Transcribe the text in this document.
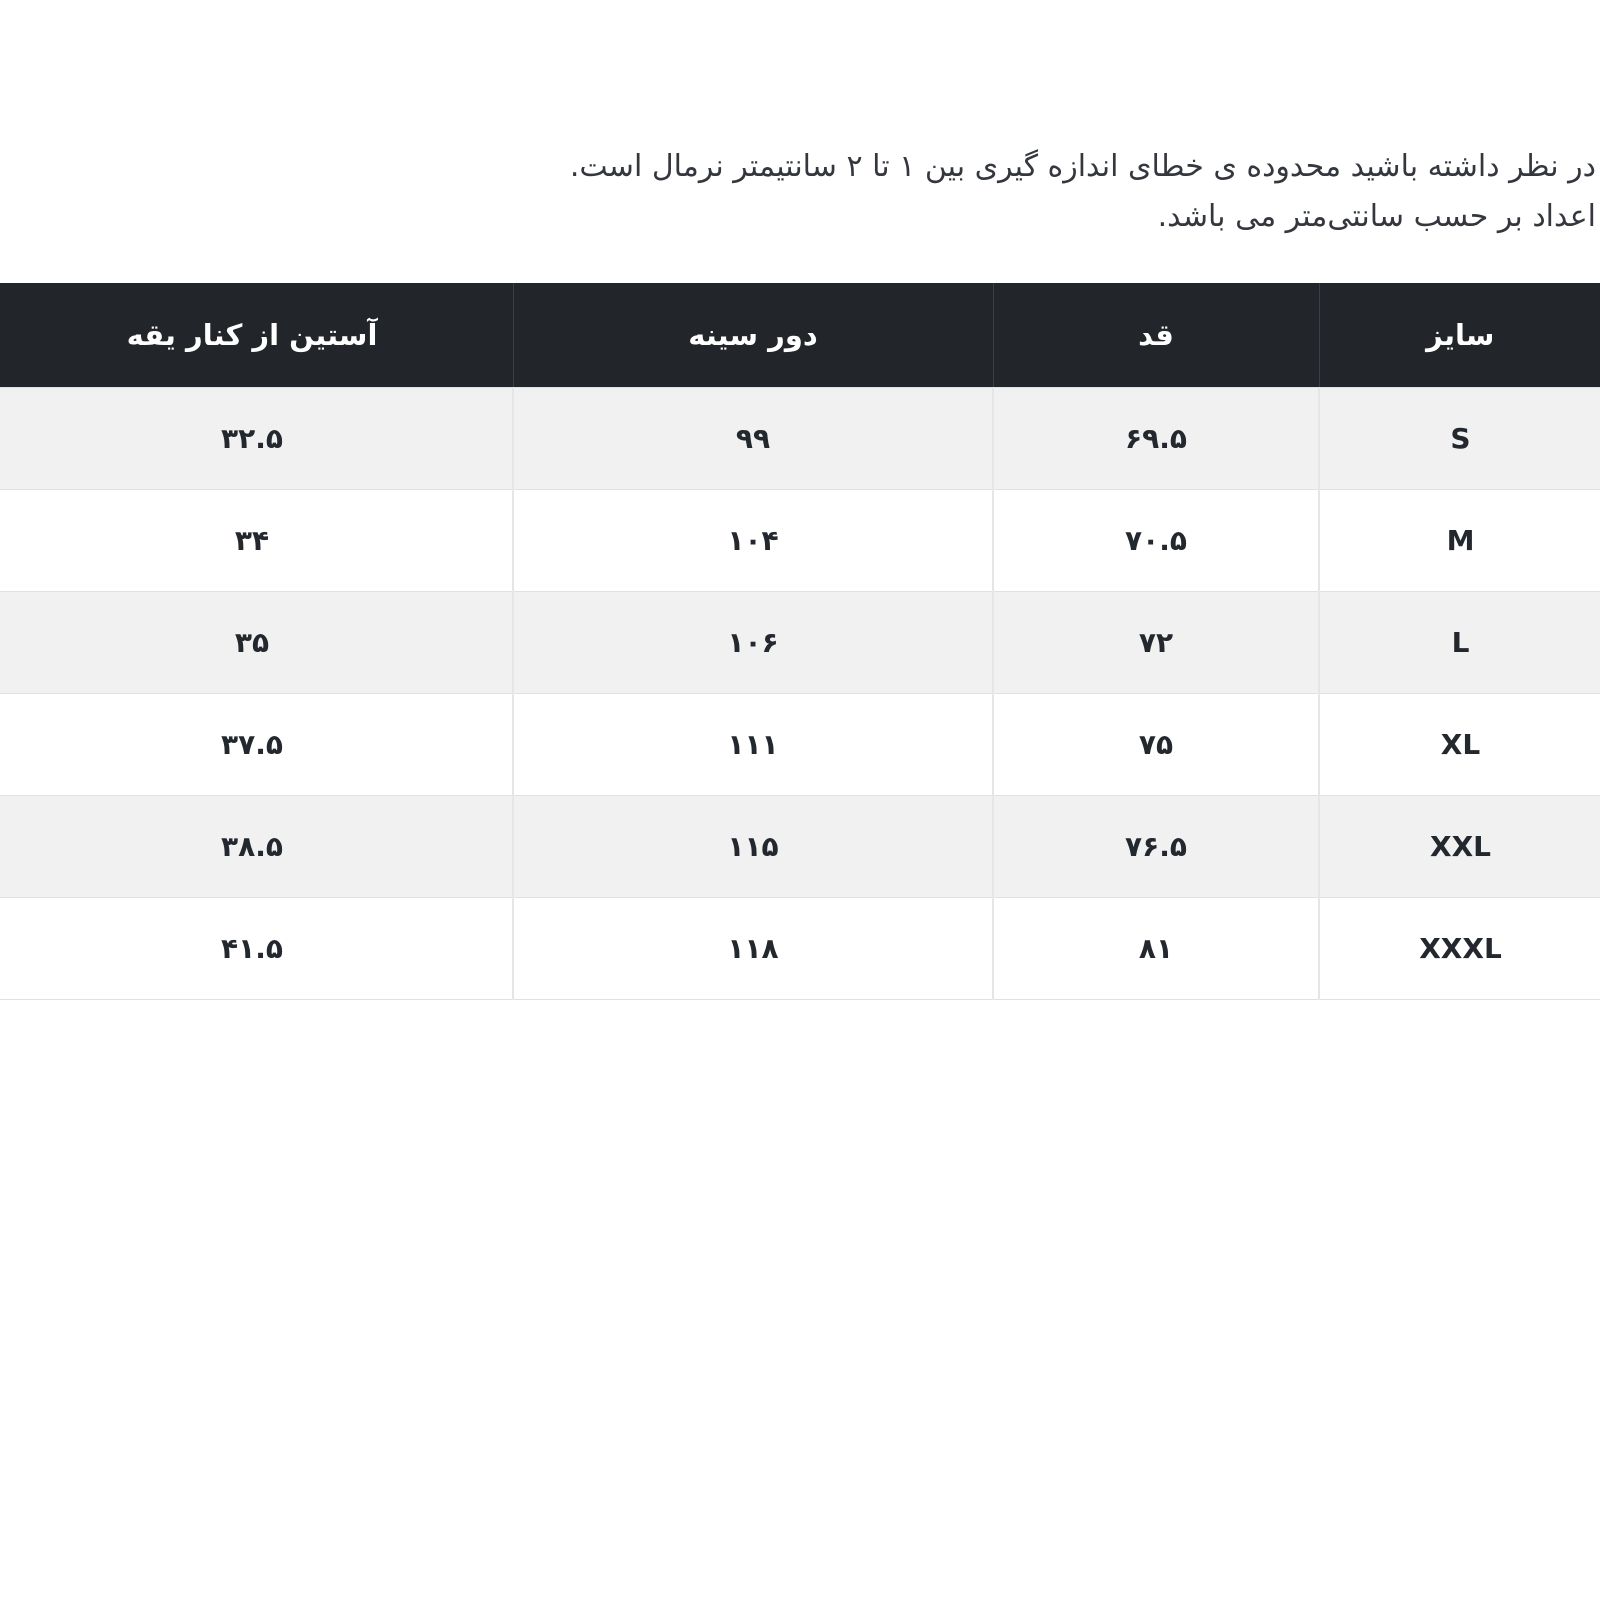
در نظر داشته باشید محدوده ی خطای اندازه گیری بین ۱ تا ۲ سانتیمتر نرمال است.

اعداد بر حسب سانتی‌متر می باشد.

سایز	قد	دور سینه	آستین از کنار یقه
S	۶۹.۵	۹۹	۳۲.۵
M	۷۰.۵	۱۰۴	۳۴
L	۷۲	۱۰۶	۳۵
XL	۷۵	۱۱۱	۳۷.۵
XXL	۷۶.۵	۱۱۵	۳۸.۵
XXXL	۸۱	۱۱۸	۴۱.۵
